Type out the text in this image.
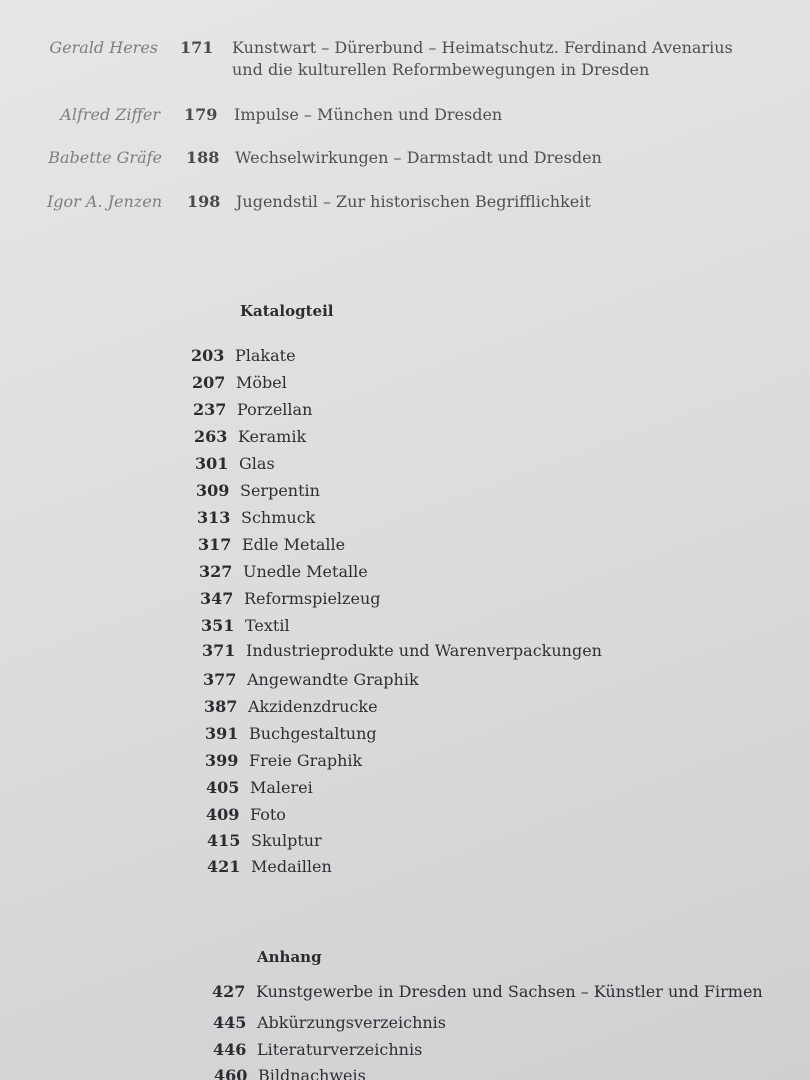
Gerald Heres 171 Kunstwart – Dürerbund – Heimatschutz. Ferdinand Avenarius
und die kulturellen Reformbewegungen in Dresden
Alfred Ziffer 179 Impulse – München und Dresden
Babette Gräfe 188 Wechselwirkungen – Darmstadt und Dresden
Igor A. Jenzen 198 Jugendstil – Zur historischen Begrifflichkeit
Katalogteil
203 Plakate
207 Möbel
237 Porzellan
263 Keramik
301 Glas
309 Serpentin
313 Schmuck
317 Edle Metalle
327 Unedle Metalle
347 Reformspielzeug
351 Textil
371 Industrieprodukte und Warenverpackungen
377 Angewandte Graphik
387 Akzidenzdrucke
391 Buchgestaltung
399 Freie Graphik
405 Malerei
409 Foto
415 Skulptur
421 Medaillen
Anhang
427 Kunstgewerbe in Dresden und Sachsen – Künstler und Firmen
445 Abkürzungsverzeichnis
446 Literaturverzeichnis
460 Bildnachweis
